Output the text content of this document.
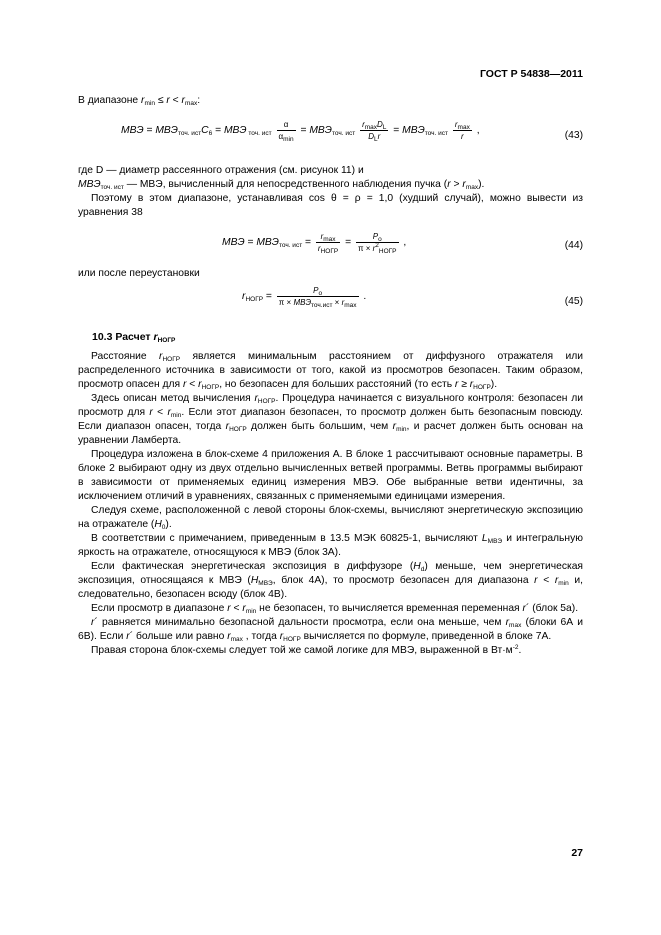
ГОСТ Р 54838—2011
В диапазоне $r_{min} \le r < r_{max}$:
МВЭ = $МВЭ_{точ. ист}C_6$ = МВЭ $_{точ. ист} \frac{\alpha}{\alpha_{min}} = МВЭ_{точ. ист} \frac{r_{max}D_L}{D_Lr} = МВЭ_{точ. ист} \frac{r_{max}}{r}$ ,	(43)
где D — диаметр рассеянного отражения (см. рисунок 11) и
$МВЭ_{точ. ист}$ — МВЭ, вычисленный для непосредственного наблюдения пучка $(r > r_{max})$.
Поэтому в этом диапазоне, устанавливая cos θ = ρ = 1,0 (худший случай), можно вывести из уравнения 38
МВЭ = $МВЭ_{точ. ист} = \frac{r_{max}}{r_{НОГР}} = \frac{P_o}{\pi \times r^2_{НОГР}}$ ,	(44)
или после переустановки
$r_{НОГР} = \frac{P_o}{\pi \times МВЭ_{точ.ист} \times r_{max}}$ .	(45)
10.3 Расчет $r_{НОГР}$
Расстояние $r_{НОГР}$ является минимальным расстоянием от диффузного отражателя или распределенного источника в зависимости от того, какой из просмотров безопасен. Таким образом, просмотр опасен для $r < r_{НОГР}$, но безопасен для больших расстояний (то есть $r \ge r_{НОГР}$).
Здесь описан метод вычисления $r_{НОГР}$. Процедура начинается с визуального контроля: безопасен ли просмотр для $r < r_{min}$. Если этот диапазон безопасен, то просмотр должен быть безопасным повсюду. Если диапазон опасен, тогда $r_{НОГР}$ должен быть большим, чем $r_{min}$, и расчет должен быть основан на уравнении Ламберта.
Процедура изложена в блок-схеме 4 приложения А. В блоке 1 рассчитывают основные параметры. В блоке 2 выбирают одну из двух отдельно вычисленных ветвей программы. Ветвь программы выбирают в зависимости от применяемых единиц измерения МВЭ. Обе выбранные ветви идентичны, за исключением отличий в уравнениях, связанных с применяемыми единицами измерения.
Следуя схеме, расположенной с левой стороны блок-схемы, вычисляют энергетическую экспозицию на отражателе $(H_0)$.
В соответствии с примечанием, приведенным в 13.5 МЭК 60825-1, вычисляют $L_{МВЭ}$ и интегральную яркость на отражателе, относящуюся к МВЭ (блок 3А).
Если фактическая энергетическая экспозиция в диффузоре $(H_d)$ меньше, чем энергетическая экспозиция, относящаяся к МВЭ ($H_{МВЭ}$, блок 4А), то просмотр безопасен для диапазона $r < r_{min}$ и, следовательно, безопасен всюду (блок 4В).
Если просмотр в диапазоне $r < r_{min}$ не безопасен, то вычисляется временная переменная r´ (блок 5а).
r´ равняется минимально безопасной дальности просмотра, если она меньше, чем $r_{max}$ (блоки 6А и 6В). Если r´ больше или равно $r_{max}$ , тогда $r_{НОГР}$ вычисляется по формуле, приведенной в блоке 7А.
Правая сторона блок-схемы следует той же самой логике для МВЭ, выраженной в $Вт\cdot м^{-2}$.
27
